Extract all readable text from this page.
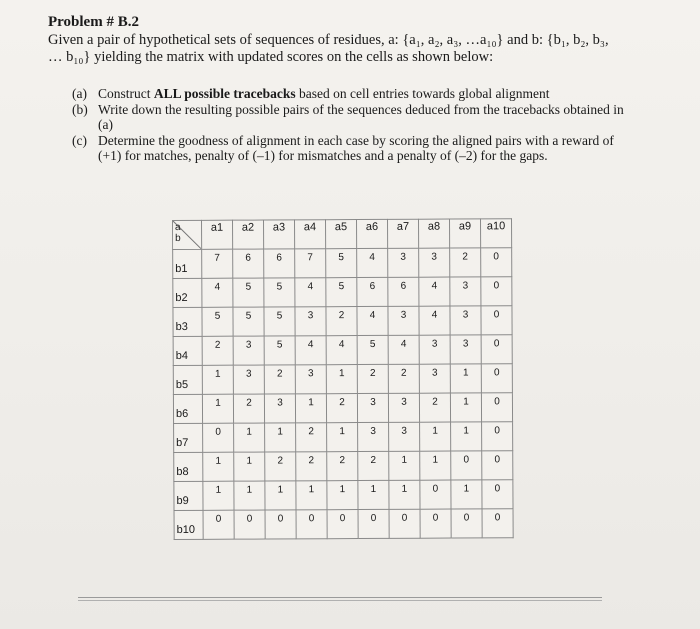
Problem # B.2
Given a pair of hypothetical sets of sequences of residues, a: {a₁, a₂, a₃, …a₁₀} and b: {b₁, b₂, b₃,
… b₁₀} yielding the matrix with updated scores on the cells as shown below:
(a) Construct ALL possible tracebacks based on cell entries towards global alignment
(b) Write down the resulting possible pairs of the sequences deduced from the tracebacks obtained in (a)
(c) Determine the goodness of alignment in each case by scoring the aligned pairs with a reward of (+1) for matches, penalty of (–1) for mismatches and a penalty of (–2) for the gaps.
a
b	a1	a2	a3	a4	a5	a6	a7	a8	a9	a10

b1	7	6	6	7	5	4	3	3	2	0

b2	4	5	5	4	5	6	6	4	3	0

b3	5	5	5	3	2	4	3	4	3	0

b4	2	3	5	4	4	5	4	3	3	0

b5	1	3	2	3	1	2	2	3	1	0

b6	1	2	3	1	2	3	3	2	1	0

b7	0	1	1	2	1	3	3	1	1	0

b8	1	1	2	2	2	2	1	1	0	0

b9	1	1	1	1	1	1	1	0	1	0

b10	0	0	0	0	0	0	0	0	0	0
